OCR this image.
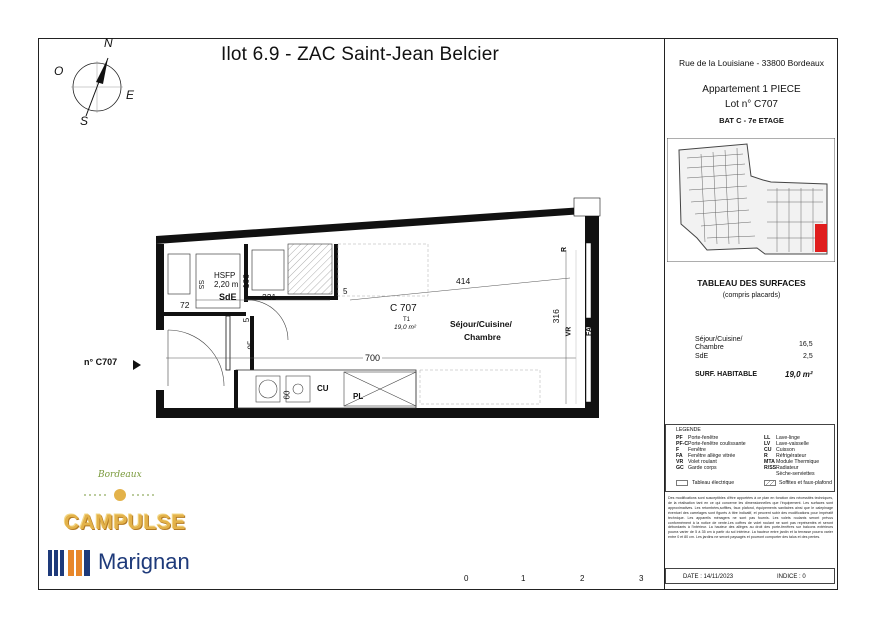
Ilot 6.9 - ZAC Saint-Jean Belcier
N
O
E
S
C 707
T1
19,0 m²	Séjour/Cuisine/
Chambre
HSFP
2,20 m
SdE
SS	414
221
106
72
5
5
95
700
316
60
R
VR FA
CU
PL
n° C707
0	1	2	3
Bordeaux
CAMPULSE
Marignan
Rue de la Louisiane - 33800 Bordeaux
Appartement 1 PIECE
Lot n° C707
BAT C - 7e ETAGE
TABLEAU DES SURFACES
(compris placards)
Séjour/Cuisine/
Chambre	16,5
SdE	2,5
SURF. HABITABLE	19,0 m²
LEGENDE
PF Porte-fenêtre
PF-CPorte-fenêtre coulissante
F Fenêtre
FA Fenêtre allège vitrée
VR Volet roulant
GC Garde corps
LL Lave-linge
LV Lave-vaisselle
CU Cuisson
R Réfrigérateur
MTAModule Thermique
R/SSRadiateur
Sèche-serviettes
Tableau électrique	Soffites et faux-plafond
Des modifications sont susceptibles d'être apportées à ce plan en fonction des nécessités techniques, de la réalisation tant en ce qui concerne les dimensionnelles que l'équipement. Les surfaces sont approximatives. Les retombées,soffites, faux plafond, équipements sanitaires ainsi que le calepinage éventuel des carrelages sont figurés à titre indicatif, et peuvent subir des modifications pour impératif technique. Les appareils ménagers ne sont pas fournis. Les volets roulants seront prévus conformément à la notice de vente.Les coffres de volet roulant ne sont pas représentés et seront débordants à l'intérieur. La hauteur des allèges au droit des porte-fenêtres sur balcons extérieurs pourra varier de 5 à 35 cm à partir du sol intérieur. La hauteur entre jardin et la terrasse pourra varier entre 0 et 80 cm. Les jardins ne seront paysagés et pourront comporter des talus et des pentes.
DATE : 14/11/2023	INDICE : 0
